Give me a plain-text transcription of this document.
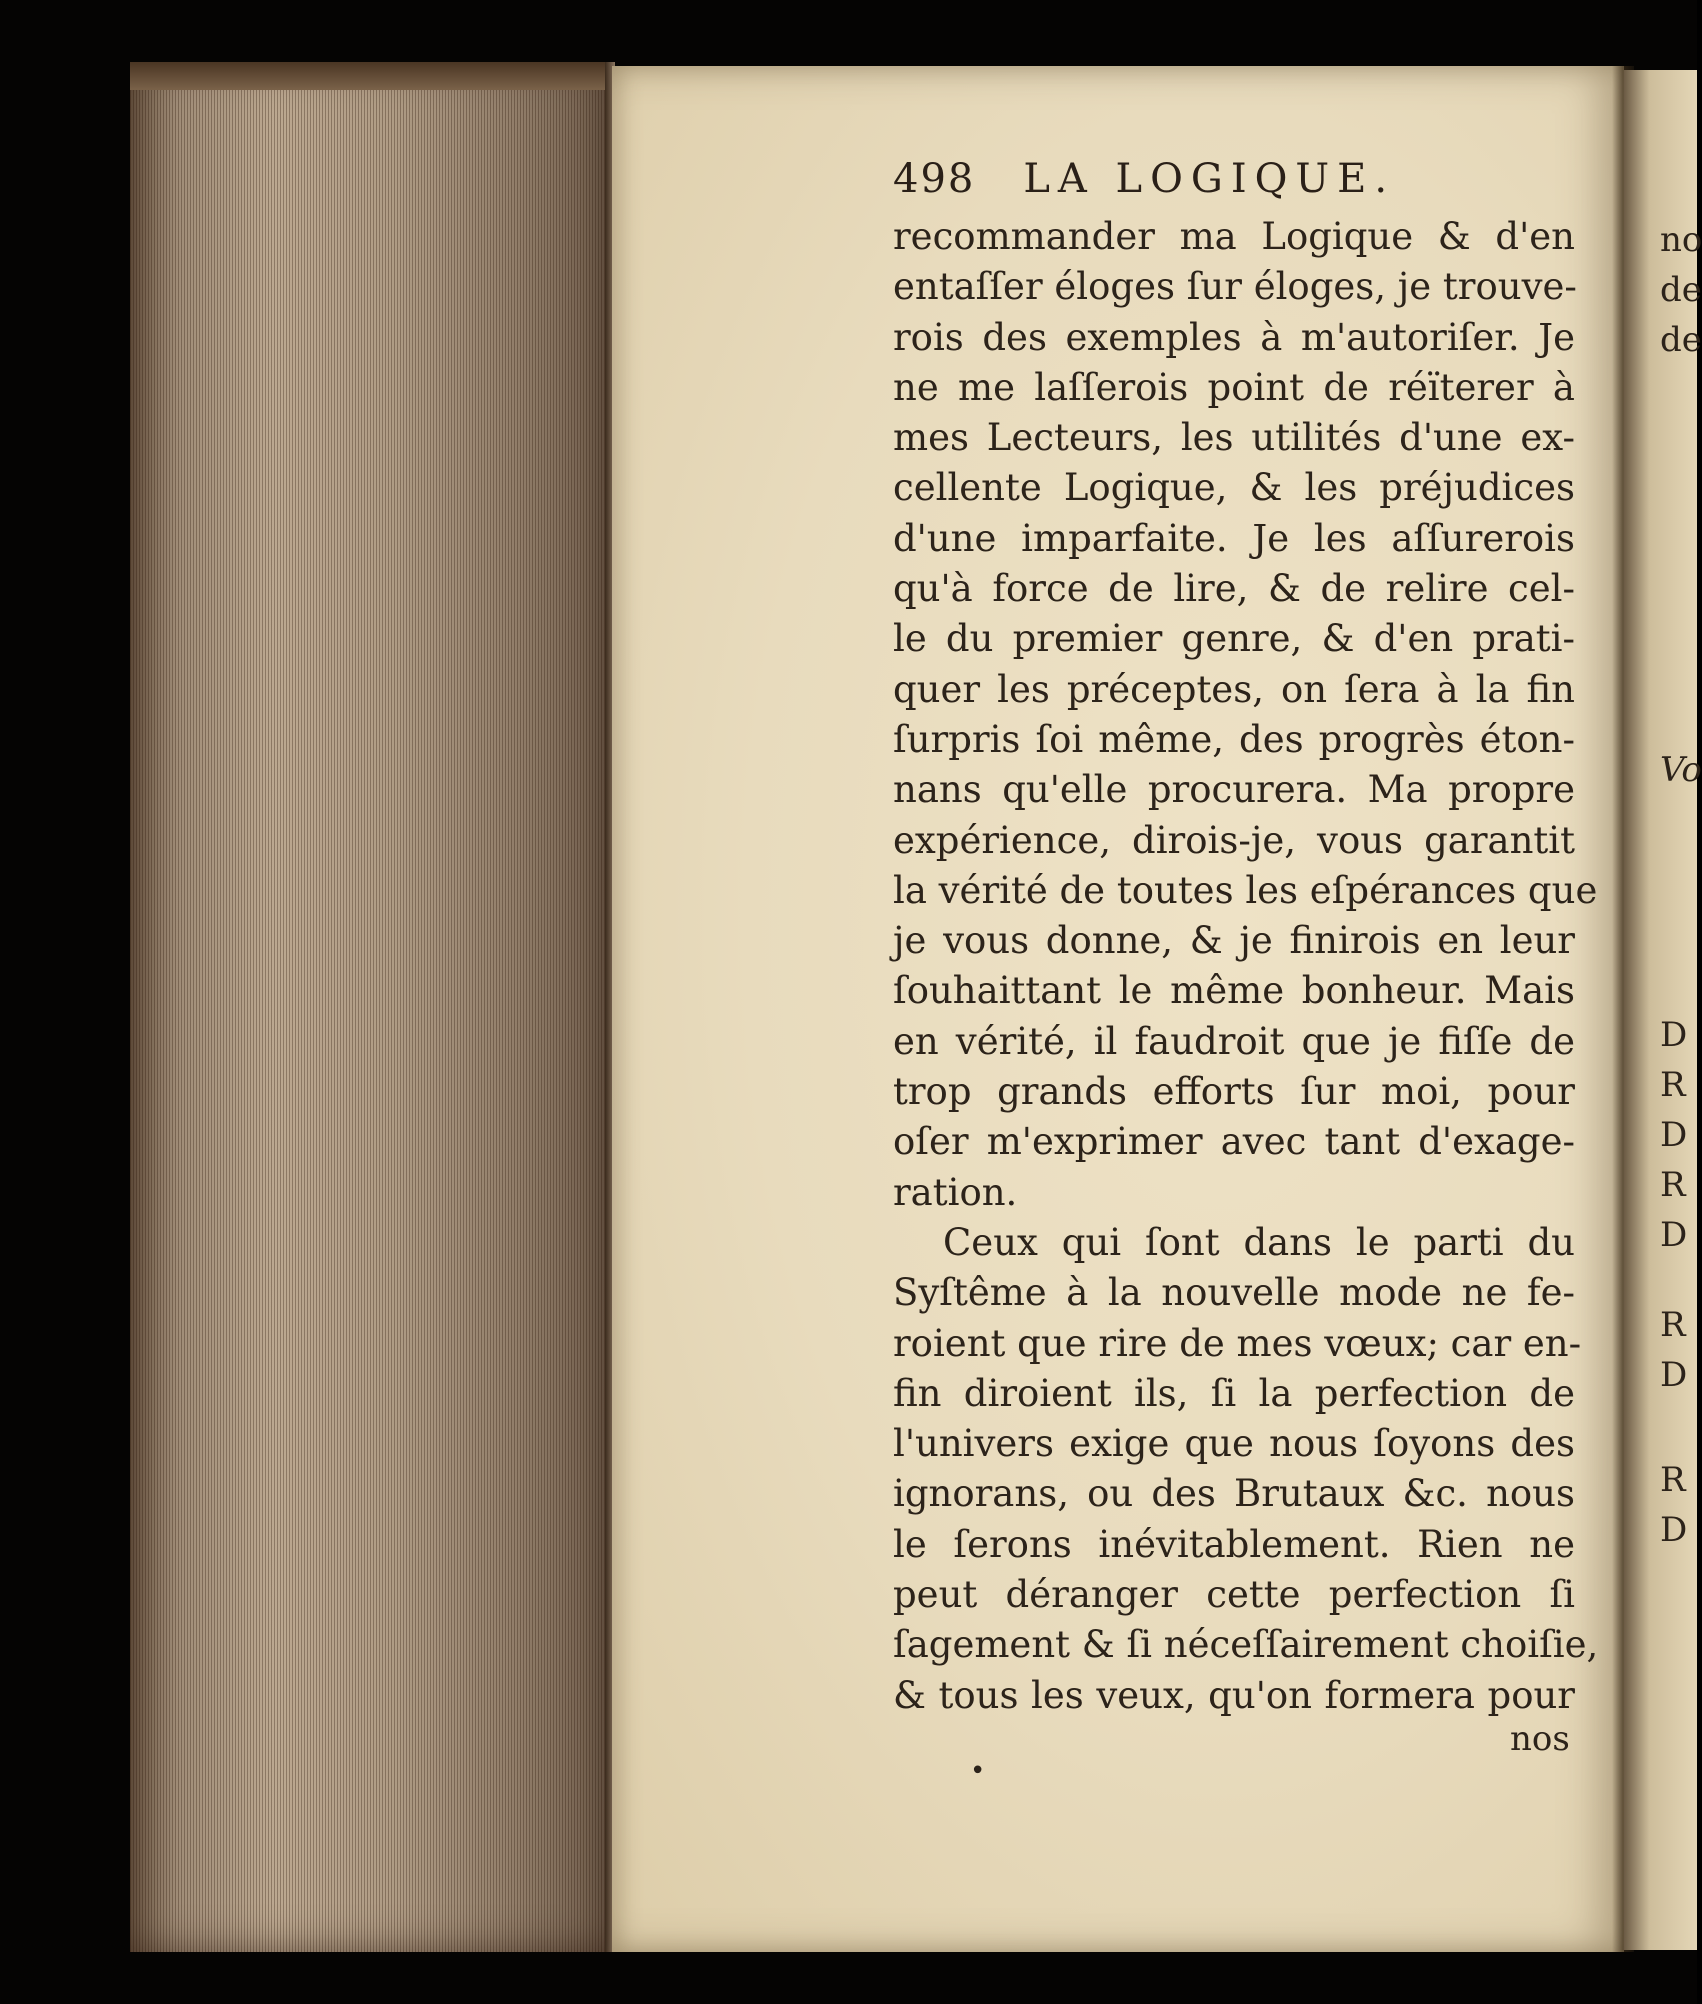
498 LA LOGIQUE.
recommander ma Logique & d'en
entaſſer éloges ſur éloges, je trouve-
rois des exemples à m'autoriſer. Je
ne me laſſerois point de réïterer à
mes Lecteurs, les utilités d'une ex-
cellente Logique, & les préjudices
d'une imparfaite. Je les aſſurerois
qu'à force de lire, & de relire cel-
le du premier genre, & d'en prati-
quer les préceptes, on ſera à la fin
ſurpris ſoi même, des progrès éton-
nans qu'elle procurera. Ma propre
expérience, dirois-je, vous garantit
la vérité de toutes les eſpérances que
je vous donne, & je finirois en leur
ſouhaittant le même bonheur. Mais
en vérité, il faudroit que je fiſſe de
trop grands efforts ſur moi, pour
oſer m'exprimer avec tant d'exage-
ration.
Ceux qui ſont dans le parti du
Syſtême à la nouvelle mode ne fe-
roient que rire de mes vœux; car en-
fin diroient ils, ſi la perfection de
l'univers exige que nous ſoyons des
ignorans, ou des Brutaux &c. nous
le ſerons inévitablement. Rien ne
peut déranger cette perfection ſi
ſagement & ſi néceſſairement choiſie,
& tous les veux, qu'on formera pour
nos
•
no
de
de
Vo
D
R
D
R
D
R
D
R
D
